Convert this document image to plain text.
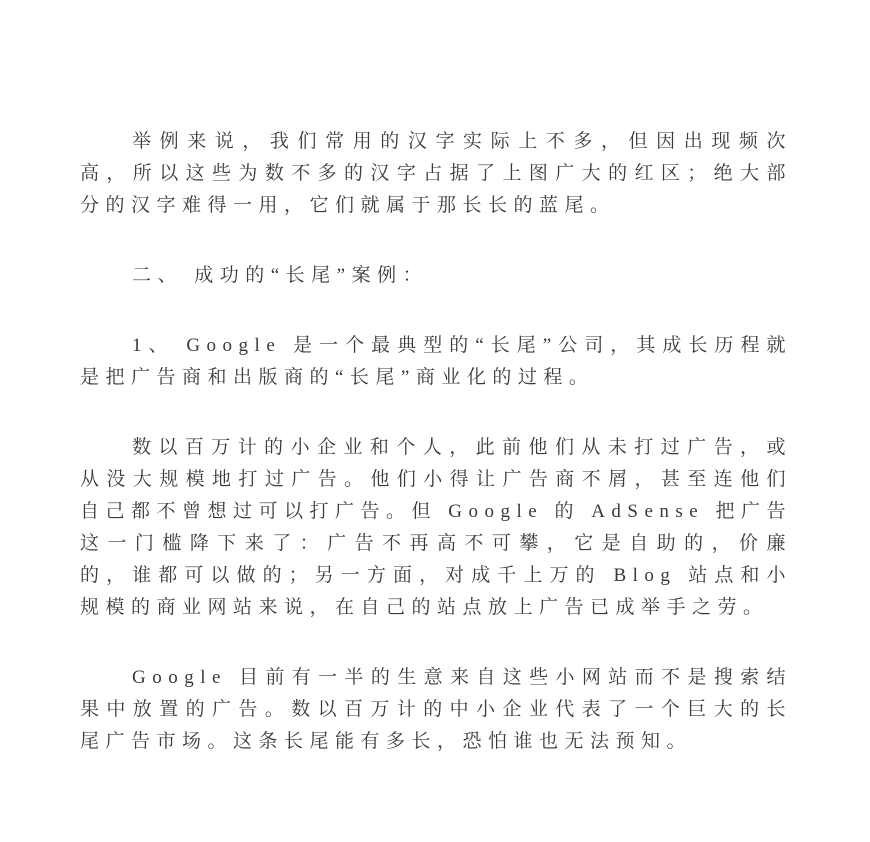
举例来说，我们常用的汉字实际上不多，但因出现频次高，所以这些为数不多的汉字占据了上图广大的红区；绝大部分的汉字难得一用，它们就属于那长长的蓝尾。

二、 成功的“长尾”案例：

1、 Google 是一个最典型的“长尾”公司，其成长历程就是把广告商和出版商的“长尾”商业化的过程。

数以百万计的小企业和个人，此前他们从未打过广告，或从没大规模地打过广告。他们小得让广告商不屑，甚至连他们自己都不曾想过可以打广告。但 Google 的 AdSense 把广告这一门槛降下来了：广告不再高不可攀，它是自助的，价廉的，谁都可以做的；另一方面，对成千上万的 Blog 站点和小规模的商业网站来说，在自己的站点放上广告已成举手之劳。

Google 目前有一半的生意来自这些小网站而不是搜索结果中放置的广告。数以百万计的中小企业代表了一个巨大的长尾广告市场。这条长尾能有多长，恐怕谁也无法预知。
